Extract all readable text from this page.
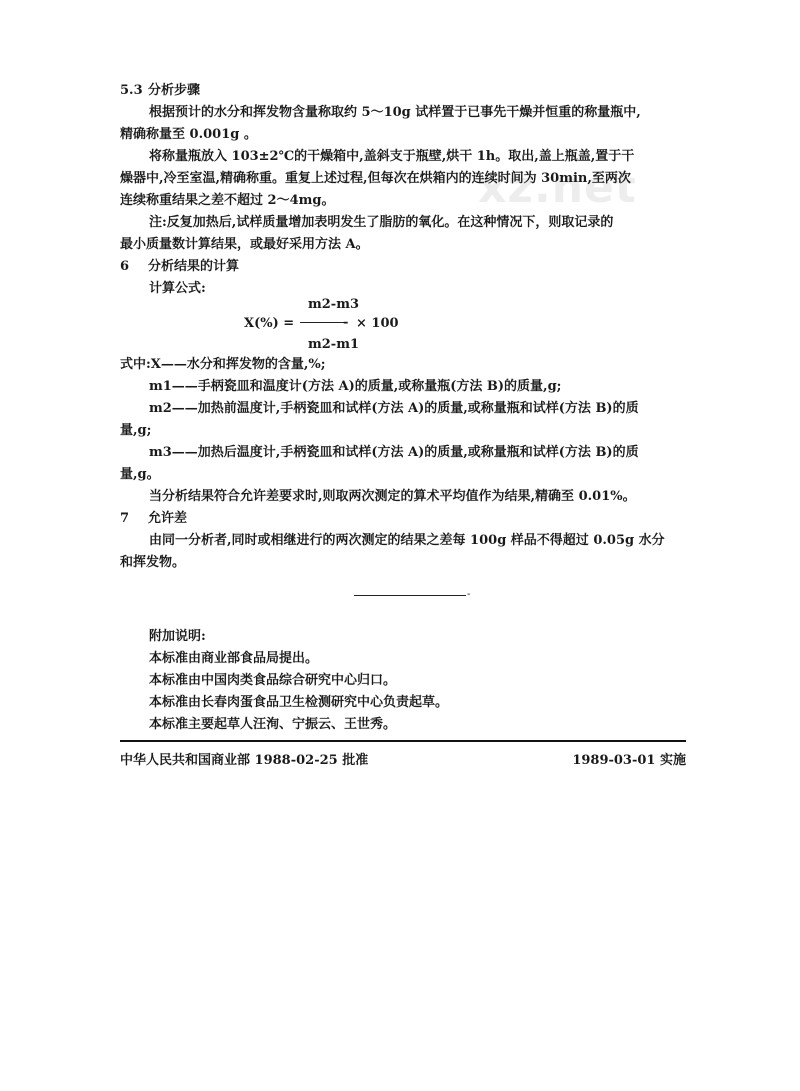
xz.net
5.3 分析步骤
根据预计的水分和挥发物含量称取约 5～10g 试样置于已事先干燥并恒重的称量瓶中,
精确称量至 0.001g 。
将称量瓶放入 103±2℃的干燥箱中,盖斜支于瓶壁,烘干 1h。取出,盖上瓶盖,置于干
燥器中,冷至室温,精确称重。重复上述过程,但每次在烘箱内的连续时间为 30min,至两次
连续称重结果之差不超过 2～4mg。
注:反复加热后,试样质量增加表明发生了脂肪的氧化。在这种情况下，则取记录的
最小质量数计算结果，或最好采用方法 A。
6 分析结果的计算
计算公式:
m2-m3
X(%) =	- × 100
m2-m1
式中:X——水分和挥发物的含量,%;
m1——手柄瓷皿和温度计(方法 A)的质量,或称量瓶(方法 B)的质量,g;
m2——加热前温度计,手柄瓷皿和试样(方法 A)的质量,或称量瓶和试样(方法 B)的质
量,g;
m3——加热后温度计,手柄瓷皿和试样(方法 A)的质量,或称量瓶和试样(方法 B)的质
量,g。
当分析结果符合允许差要求时,则取两次测定的算术平均值作为结果,精确至 0.01%。
7 允许差
由同一分析者,同时或相继进行的两次测定的结果之差每 100g 样品不得超过 0.05g 水分
和挥发物。
-
附加说明:
本标准由商业部食品局提出。
本标准由中国肉类食品综合研究中心归口。
本标准由长春肉蛋食品卫生检测研究中心负责起草。
本标准主要起草人汪洵、宁振云、王世秀。
中华人民共和国商业部 1988-02-25 批准	1989-03-01 实施
